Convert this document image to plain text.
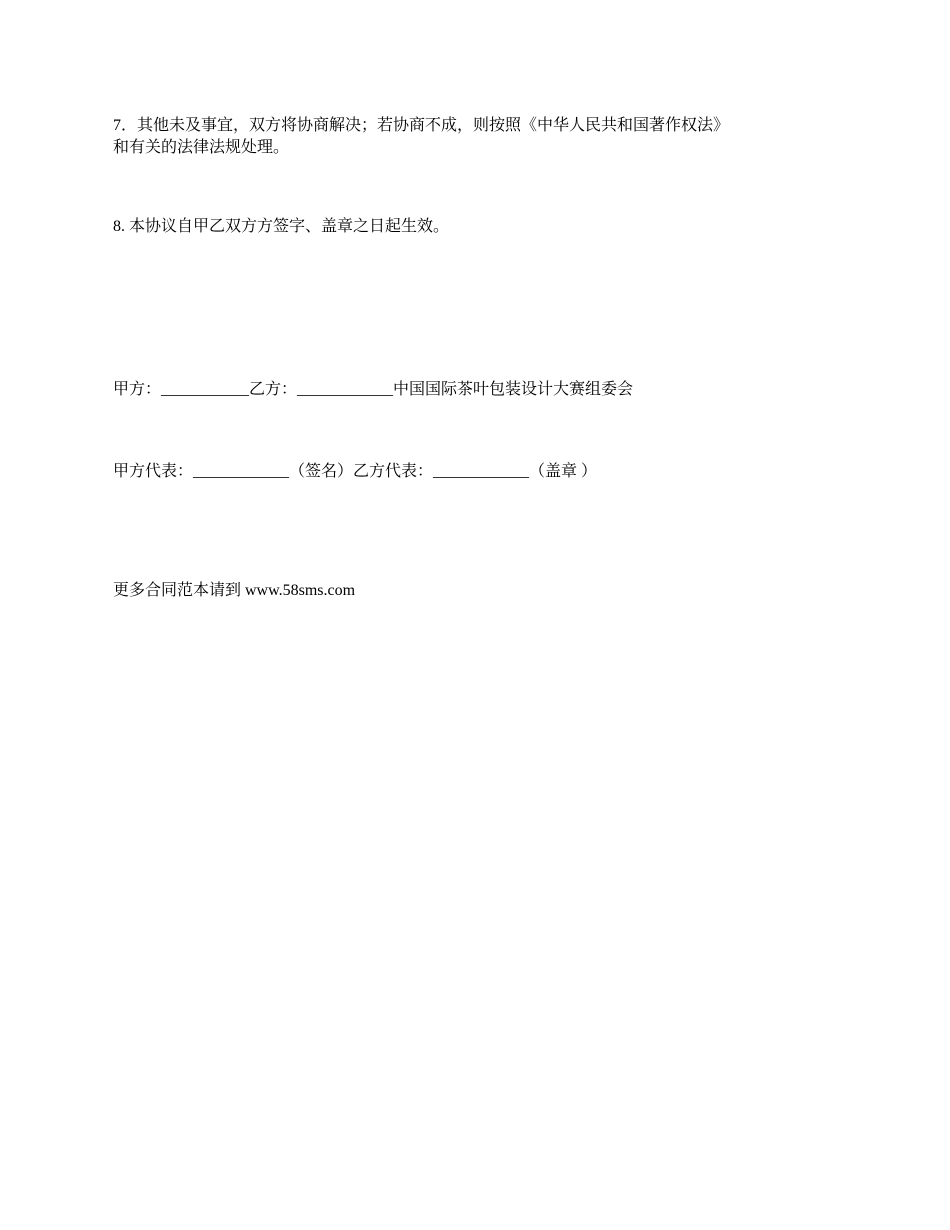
7．其他未及事宜，双方将协商解决；若协商不成，则按照《中华人民共和国著作权法》

和有关的法律法规处理。

8. 本协议自甲乙双方方签字、盖章之日起生效。

甲方：___________乙方：____________中国国际茶叶包装设计大赛组委会

甲方代表：____________（签名）乙方代表：____________（盖章 ）

更多合同范本请到 www.58sms.com
